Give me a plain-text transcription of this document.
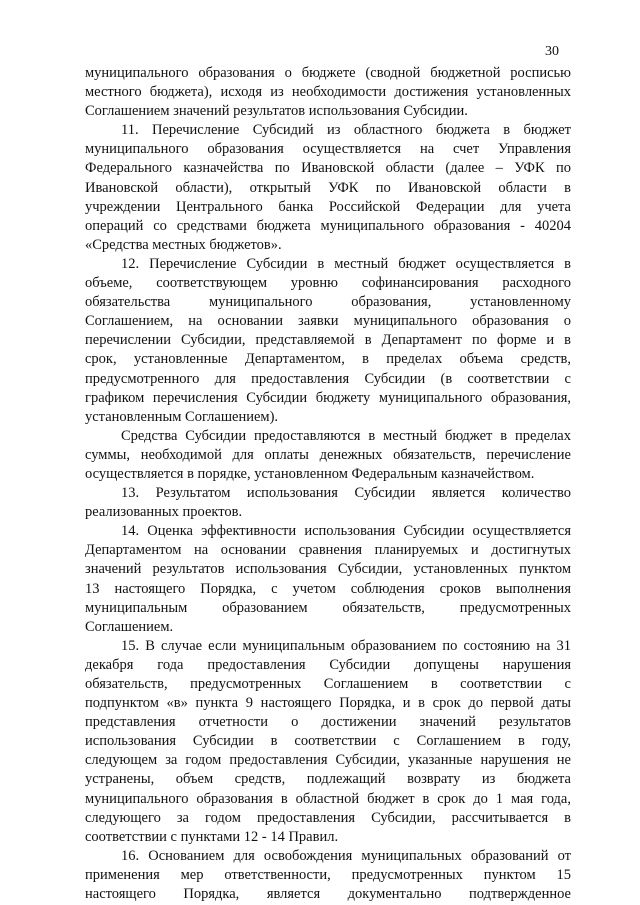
30
муниципального образования о бюджете (сводной бюджетной росписью
местного бюджета), исходя из необходимости достижения установленных
Соглашением значений результатов использования Субсидии.
11. Перечисление Субсидий из областного бюджета в бюджет
муниципального образования осуществляется на счет Управления
Федерального казначейства по Ивановской области (далее – УФК по
Ивановской области), открытый УФК по Ивановской области в
учреждении Центрального банка Российской Федерации для учета
операций со средствами бюджета муниципального образования - 40204
«Средства местных бюджетов».
12. Перечисление Субсидии в местный бюджет осуществляется в
объеме, соответствующем уровню софинансирования расходного
обязательства муниципального образования, установленному
Соглашением, на основании заявки муниципального образования о
перечислении Субсидии, представляемой в Департамент по форме и в
срок, установленные Департаментом, в пределах объема средств,
предусмотренного для предоставления Субсидии (в соответствии с
графиком перечисления Субсидии бюджету муниципального образования,
установленным Соглашением).
Средства Субсидии предоставляются в местный бюджет в пределах
суммы, необходимой для оплаты денежных обязательств, перечисление
осуществляется в порядке, установленном Федеральным казначейством.
13. Результатом использования Субсидии является количество
реализованных проектов.
14. Оценка эффективности использования Субсидии осуществляется
Департаментом на основании сравнения планируемых и достигнутых
значений результатов использования Субсидии, установленных пунктом
13 настоящего Порядка, с учетом соблюдения сроков выполнения
муниципальным образованием обязательств, предусмотренных
Соглашением.
15. В случае если муниципальным образованием по состоянию на 31
декабря года предоставления Субсидии допущены нарушения
обязательств, предусмотренных Соглашением в соответствии с
подпунктом «в» пункта 9 настоящего Порядка, и в срок до первой даты
представления отчетности о достижении значений результатов
использования Субсидии в соответствии с Соглашением в году,
следующем за годом предоставления Субсидии, указанные нарушения не
устранены, объем средств, подлежащий возврату из бюджета
муниципального образования в областной бюджет в срок до 1 мая года,
следующего за годом предоставления Субсидии, рассчитывается в
соответствии с пунктами 12 - 14 Правил.
16. Основанием для освобождения муниципальных образований от
применения мер ответственности, предусмотренных пунктом 15
настоящего Порядка, является документально подтвержденное
